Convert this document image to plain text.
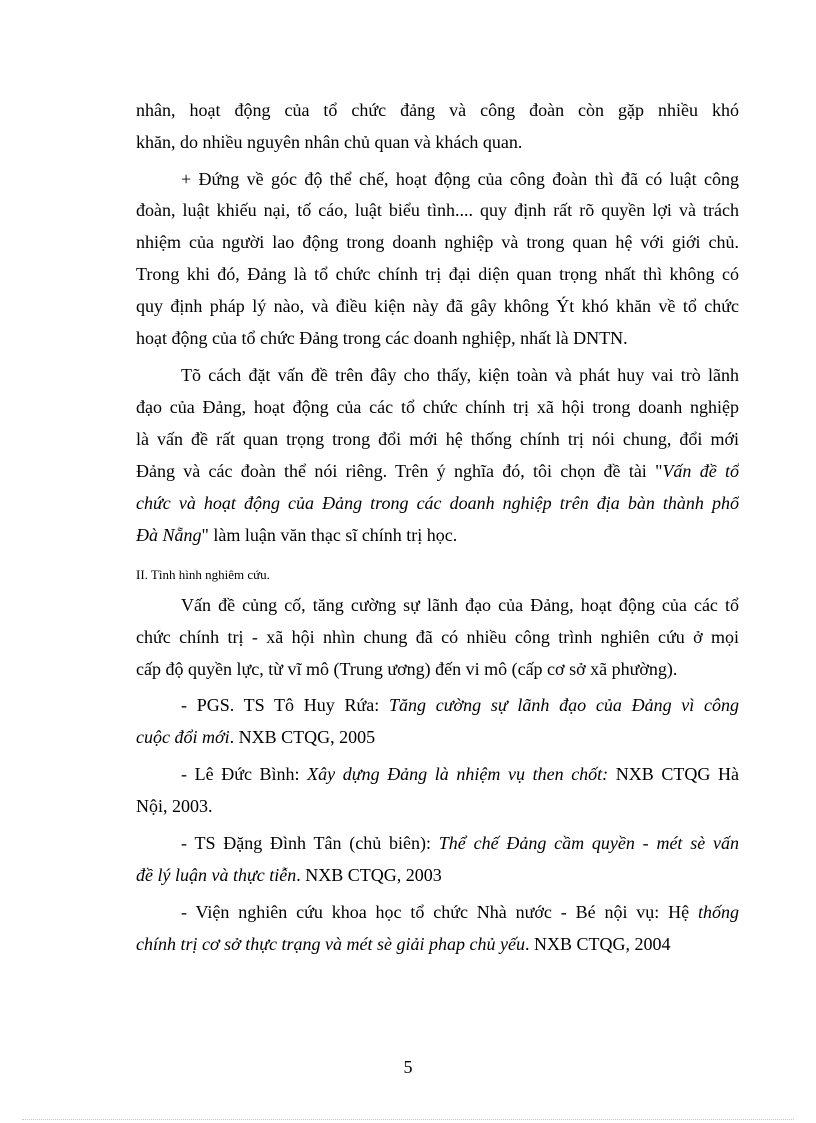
nhân, hoạt động của tổ chức đảng và công đoàn còn gặp nhiều khó
khăn, do nhiều nguyên nhân chủ quan và khách quan.
+ Đứng về góc độ thể chế, hoạt động của công đoàn thì đã có luật công
đoàn, luật khiếu nại, tố cáo, luật biểu tình.... quy định rất rõ quyền lợi và trách
nhiệm của người lao động trong doanh nghiệp và trong quan hệ với giới chủ.
Trong khi đó, Đảng là tổ chức chính trị đại diện quan trọng nhất thì không có
quy định pháp lý nào, và điều kiện này đã gây không Ýt khó khăn về tổ chức
hoạt động của tổ chức Đảng trong các doanh nghiệp, nhất là DNTN.
Tõ cách đặt vấn đề trên đây cho thấy, kiện toàn và phát huy vai trò lãnh
đạo của Đảng, hoạt động của các tổ chức chính trị xã hội trong doanh nghiệp
là vấn đề rất quan trọng trong đổi mới hệ thống chính trị nói chung, đổi mới
Đảng và các đoàn thể nói riêng. Trên ý nghĩa đó, tôi chọn đề tài "Vấn đề tổ
chức và hoạt động của Đảng trong các doanh nghiệp trên địa bàn thành phố
Đà Nẵng" làm luận văn thạc sĩ chính trị học.
II. Tình hình nghiêm cứu.
Vấn đề củng cố, tăng cường sự lãnh đạo của Đảng, hoạt động của các tổ
chức chính trị - xã hội nhìn chung đã có nhiều công trình nghiên cứu ở mọi
cấp độ quyền lực, từ vĩ mô (Trung ương) đến vi mô (cấp cơ sở xã phường).
- PGS. TS Tô Huy Rứa: Tăng cường sự lãnh đạo của Đảng vì công
cuộc đổi mới. NXB CTQG, 2005
- Lê Đức Bình: Xây dựng Đảng là nhiệm vụ then chốt: NXB CTQG Hà
Nội, 2003.
- TS Đặng Đình Tân (chủ biên): Thể chế Đảng cầm quyền - mét sè vấn
đề lý luận và thực tiễn. NXB CTQG, 2003
- Viện nghiên cứu khoa học tổ chức Nhà nước - Bé nội vụ: Hệ thống
chính trị cơ sở thực trạng và mét sè giải phap chủ yếu. NXB CTQG, 2004
5
